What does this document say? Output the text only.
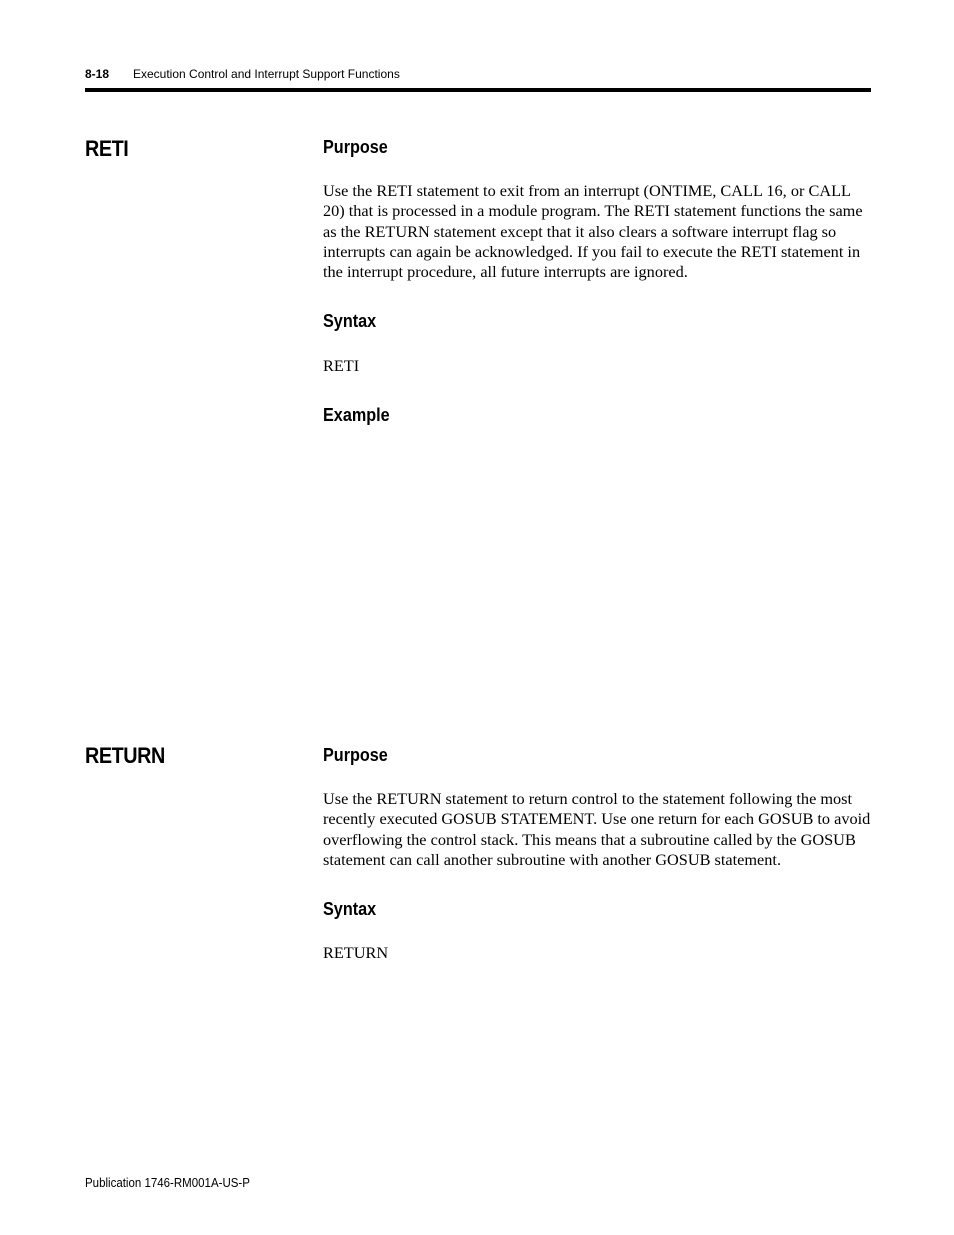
8-18 Execution Control and Interrupt Support Functions
RETI	Purpose
Use the RETI statement to exit from an interrupt (ONTIME, CALL 16, or CALL 20) that is processed in a module program. The RETI statement functions the same as the RETURN statement except that it also clears a software interrupt flag so interrupts can again be acknowledged. If you fail to execute the RETI statement in the interrupt procedure, all future interrupts are ignored.
Syntax
RETI
Example
RETURN	Purpose
Use the RETURN statement to return control to the statement following the most recently executed GOSUB STATEMENT. Use one return for each GOSUB to avoid overflowing the control stack. This means that a subroutine called by the GOSUB statement can call another subroutine with another GOSUB statement.
Syntax
RETURN
Publication 1746-RM001A-US-P
